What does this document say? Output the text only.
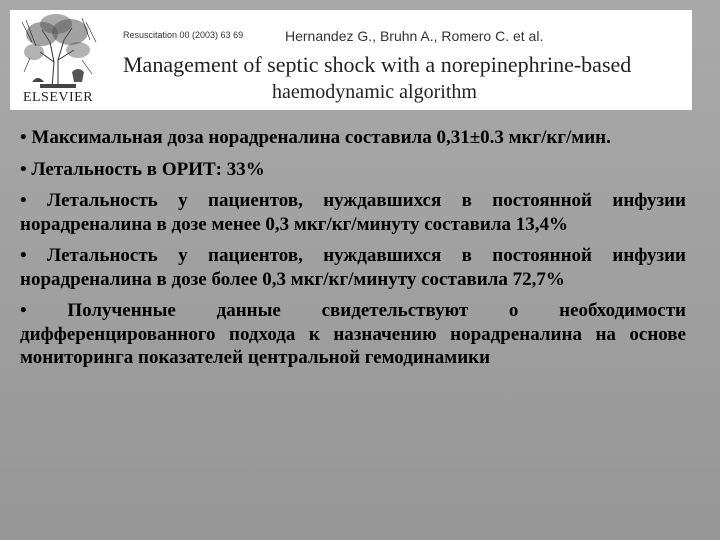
ELSEVIER
Resuscitation 00 (2003) 63 69	Hernandez G., Bruhn A., Romero C. et al.
Management of septic shock with a norepinephrine-based
haemodynamic algorithm
• Максимальная доза норадреналина составила 0,31±0.3 мкг/кг/мин.
• Летальность в ОРИТ: 33%
• Летальность у пациентов, нуждавшихся в постоянной инфузии норадреналина в дозе менее 0,3 мкг/кг/минуту составила 13,4%
• Летальность у пациентов, нуждавшихся в постоянной инфузии норадреналина в дозе более 0,3 мкг/кг/минуту составила 72,7%
• Полученные данные свидетельствуют о необходимости дифференцированного подхода к назначению норадреналина на основе мониторинга показателей центральной гемодинамики
